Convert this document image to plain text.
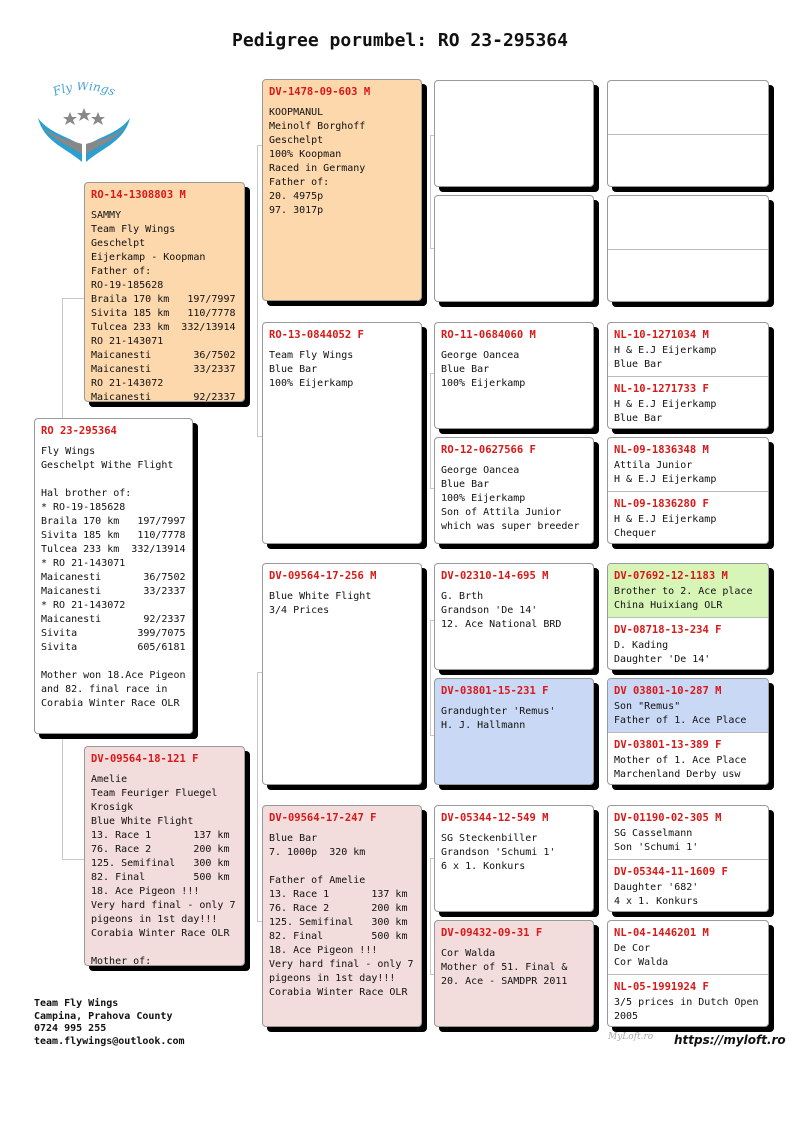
Pedigree porumbel: RO 23-295364
Fly Wings
RO 23-295364
Fly Wings
Geschelpt Withe Flight

Hal brother of:
* RO-19-185628
Braila 170 km   197/7997
Sivita 185 km   110/7778
Tulcea 233 km  332/13914
* RO 21-143071
Maicanesti       36/7502
Maicanesti       33/2337
* RO 21-143072
Maicanesti       92/2337
Sivita          399/7075
Sivita          605/6181

Mother won 18.Ace Pigeon
and 82. final race in
Corabia Winter Race OLR
RO-14-1308803 M
SAMMY
Team Fly Wings
Geschelpt
Eijerkamp - Koopman
Father of:
RO-19-185628
Braila 170 km   197/7997
Sivita 185 km   110/7778
Tulcea 233 km  332/13914
RO 21-143071
Maicanesti       36/7502
Maicanesti       33/2337
RO 21-143072
Maicanesti       92/2337
DV-09564-18-121 F
Amelie
Team Feuriger Fluegel
Krosigk
Blue White Flight
13. Race 1       137 km
76. Race 2       200 km
125. Semifinal   300 km
82. Final        500 km
18. Ace Pigeon !!!
Very hard final - only 7
pigeons in 1st day!!!
Corabia Winter Race OLR

Mother of:
DV-1478-09-603 M
KOOPMANUL
Meinolf Borghoff
Geschelpt
100% Koopman
Raced in Germany
Father of:
20. 4975p
97. 3017p
RO-13-0844052 F
Team Fly Wings
Blue Bar
100% Eijerkamp
DV-09564-17-256 M
Blue White Flight
3/4 Prices
DV-09564-17-247 F
Blue Bar
7. 1000p  320 km

Father of Amelie
13. Race 1       137 km
76. Race 2       200 km
125. Semifinal   300 km
82. Final        500 km
18. Ace Pigeon !!!
Very hard final - only 7
pigeons in 1st day!!!
Corabia Winter Race OLR
RO-11-0684060 M
George Oancea
Blue Bar
100% Eijerkamp
RO-12-0627566 F
George Oancea
Blue Bar
100% Eijerkamp
Son of Attila Junior
which was super breeder
DV-02310-14-695 M
G. Brth
Grandson 'De 14'
12. Ace National BRD
DV-03801-15-231 F
Grandughter 'Remus'
H. J. Hallmann
DV-05344-12-549 M
SG Steckenbiller
Grandson 'Schumi 1'
6 x 1. Konkurs
DV-09432-09-31 F
Cor Walda
Mother of 51. Final &
20. Ace - SAMDPR 2011
NL-10-1271034 M
H & E.J Eijerkamp
Blue Bar
NL-10-1271733 F
H & E.J Eijerkamp
Blue Bar
NL-09-1836348 M
Attila Junior
H & E.J Eijerkamp
NL-09-1836280 F
H & E.J Eijerkamp
Chequer
DV-07692-12-1183 M
Brother to 2. Ace place
China Huixiang OLR
DV-08718-13-234 F
D. Kading
Daughter 'De 14'
DV 03801-10-287 M
Son "Remus"
Father of 1. Ace Place
DV-03801-13-389 F
Mother of 1. Ace Place
Marchenland Derby usw
DV-01190-02-305 M
SG Casselmann
Son 'Schumi 1'
DV-05344-11-1609 F
Daughter '682'
4 x 1. Konkurs
NL-04-1446201 M
De Cor
Cor Walda
NL-05-1991924 F
3/5 prices in Dutch Open
2005
Team Fly Wings
Campina, Prahova County
0724 995 255
team.flywings@outlook.com	MyLoft.ro https://myloft.ro
